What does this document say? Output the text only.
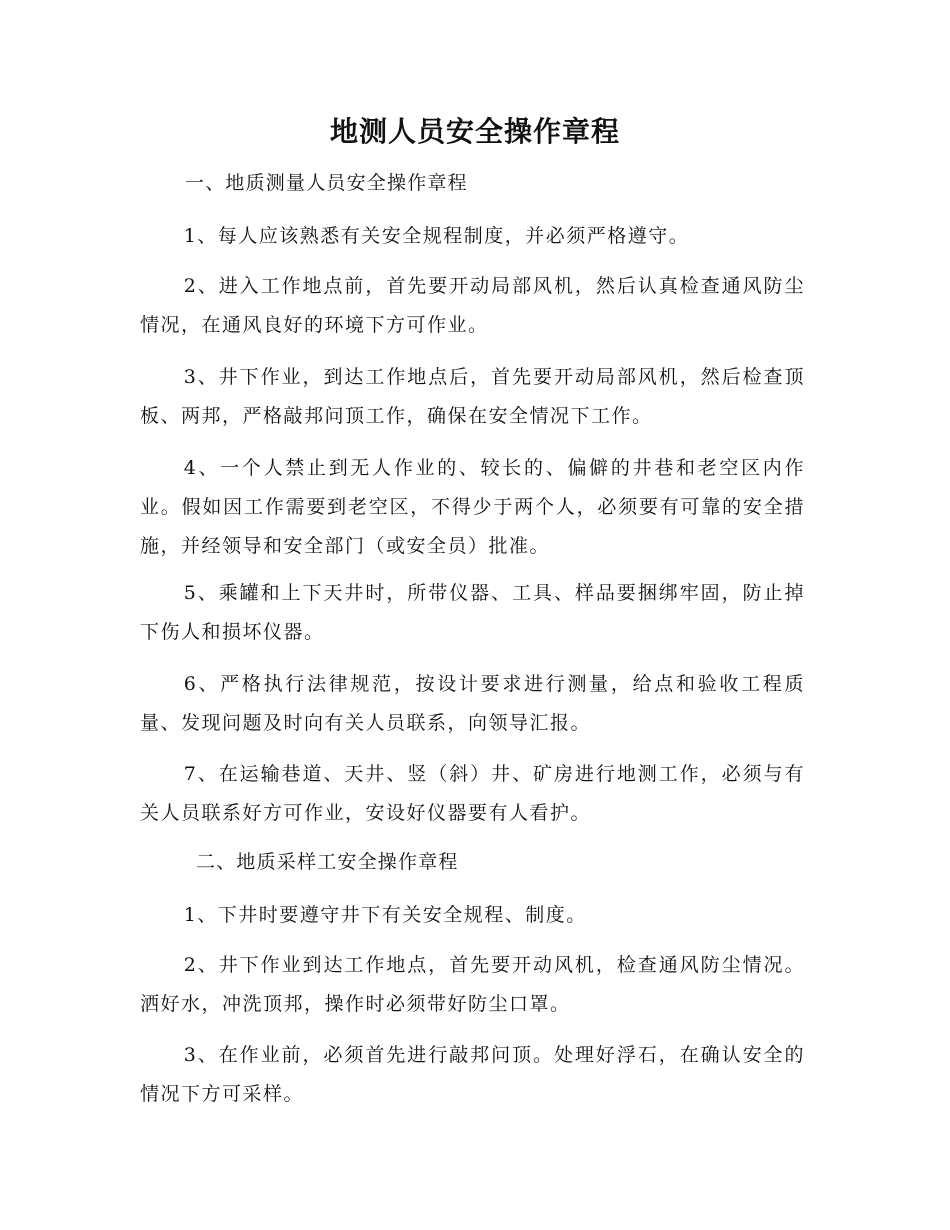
地测人员安全操作章程
一、地质测量人员安全操作章程
1、每人应该熟悉有关安全规程制度，并必须严格遵守。
2、进入工作地点前，首先要开动局部风机，然后认真检查通风防尘情况，在通风良好的环境下方可作业。
3、井下作业，到达工作地点后，首先要开动局部风机，然后检查顶板、两邦，严格敲邦问顶工作，确保在安全情况下工作。
4、一个人禁止到无人作业的、较长的、偏僻的井巷和老空区内作业。假如因工作需要到老空区，不得少于两个人，必须要有可靠的安全措施，并经领导和安全部门（或安全员）批准。
5、乘罐和上下天井时，所带仪器、工具、样品要捆绑牢固，防止掉下伤人和损坏仪器。
6、严格执行法律规范，按设计要求进行测量，给点和验收工程质量、发现问题及时向有关人员联系，向领导汇报。
7、在运输巷道、天井、竖（斜）井、矿房进行地测工作，必须与有关人员联系好方可作业，安设好仪器要有人看护。
二、地质采样工安全操作章程
1、下井时要遵守井下有关安全规程、制度。
2、井下作业到达工作地点，首先要开动风机，检查通风防尘情况。洒好水，冲洗顶邦，操作时必须带好防尘口罩。
3、在作业前，必须首先进行敲邦问顶。处理好浮石，在确认安全的情况下方可采样。
